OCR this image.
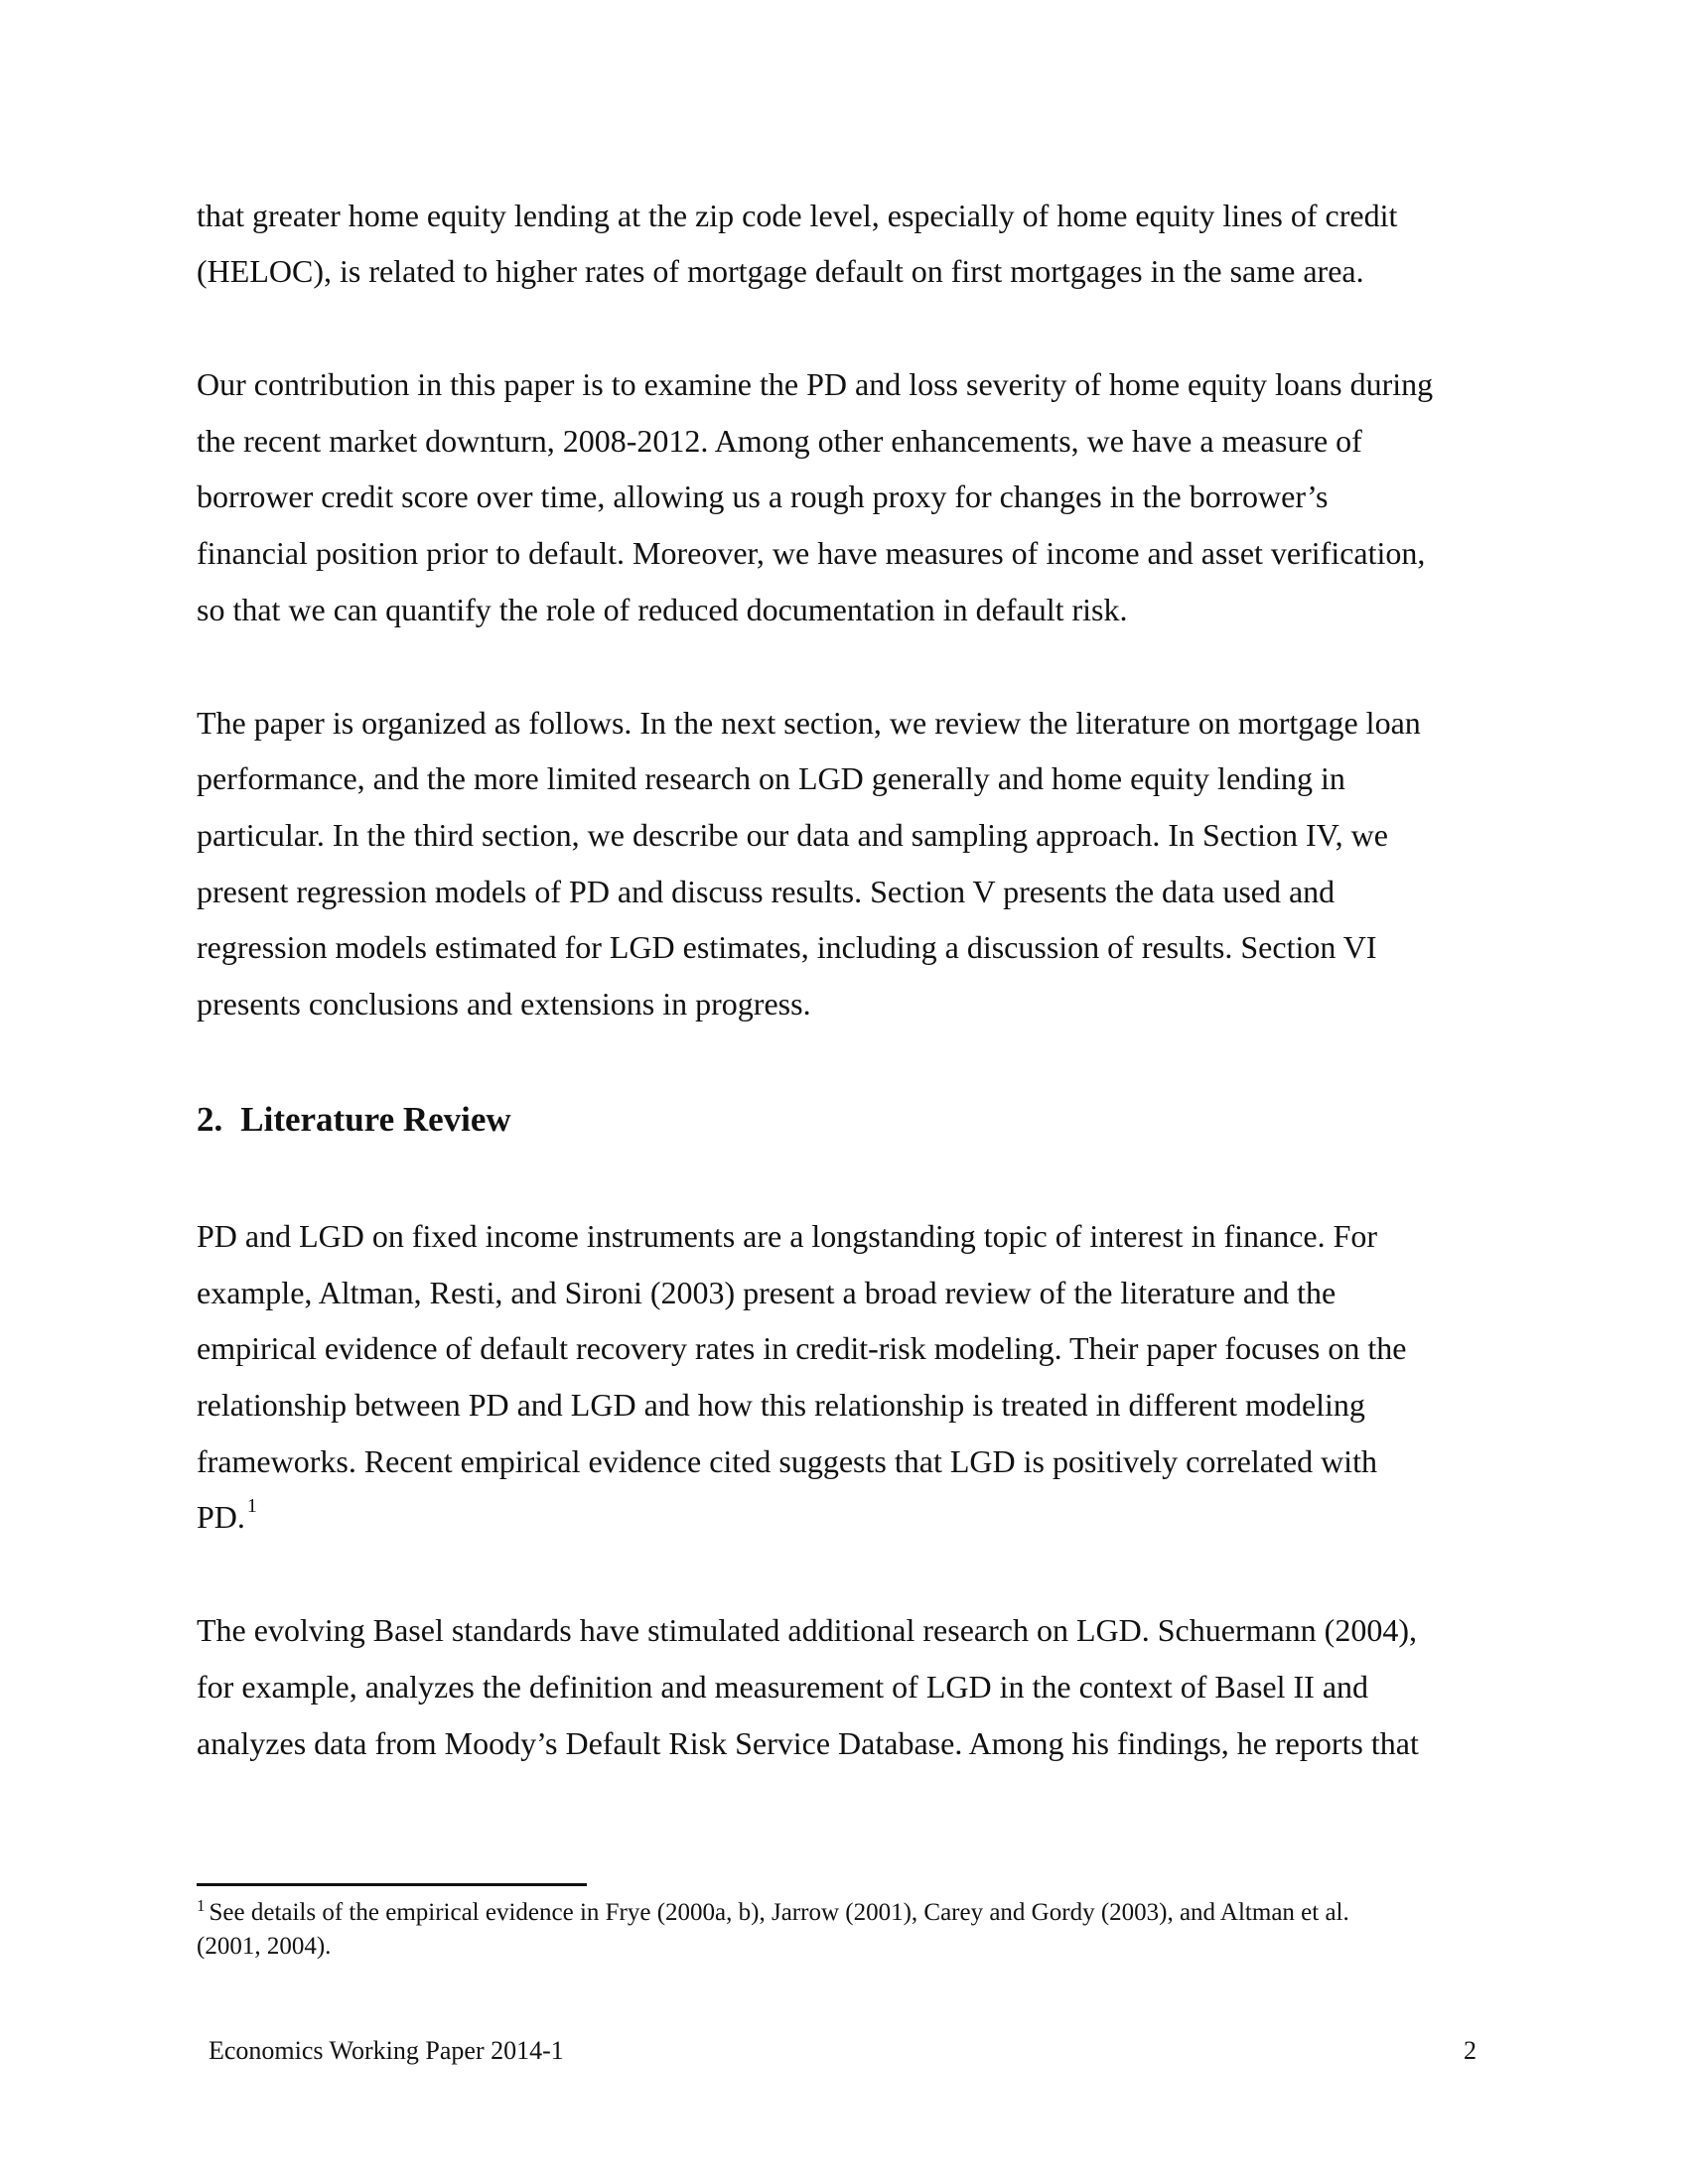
that greater home equity lending at the zip code level, especially of home equity lines of credit
(HELOC), is related to higher rates of mortgage default on first mortgages in the same area.
Our contribution in this paper is to examine the PD and loss severity of home equity loans during
the recent market downturn, 2008-2012. Among other enhancements, we have a measure of
borrower credit score over time, allowing us a rough proxy for changes in the borrower’s
financial position prior to default. Moreover, we have measures of income and asset verification,
so that we can quantify the role of reduced documentation in default risk.
The paper is organized as follows. In the next section, we review the literature on mortgage loan
performance, and the more limited research on LGD generally and home equity lending in
particular. In the third section, we describe our data and sampling approach. In Section IV, we
present regression models of PD and discuss results. Section V presents the data used and
regression models estimated for LGD estimates, including a discussion of results. Section VI
presents conclusions and extensions in progress.
2. Literature Review
PD and LGD on fixed income instruments are a longstanding topic of interest in finance. For
example, Altman, Resti, and Sironi (2003) present a broad review of the literature and the
empirical evidence of default recovery rates in credit-risk modeling. Their paper focuses on the
relationship between PD and LGD and how this relationship is treated in different modeling
frameworks. Recent empirical evidence cited suggests that LGD is positively correlated with
PD. $^1$
The evolving Basel standards have stimulated additional research on LGD. Schuermann (2004),
for example, analyzes the definition and measurement of LGD in the context of Basel II and
analyzes data from Moody’s Default Risk Service Database. Among his findings, he reports that
$^1$ See details of the empirical evidence in Frye (2000a, b), Jarrow (2001), Carey and Gordy (2003), and Altman et al.
(2001, 2004).
Economics Working Paper 2014-1	2
